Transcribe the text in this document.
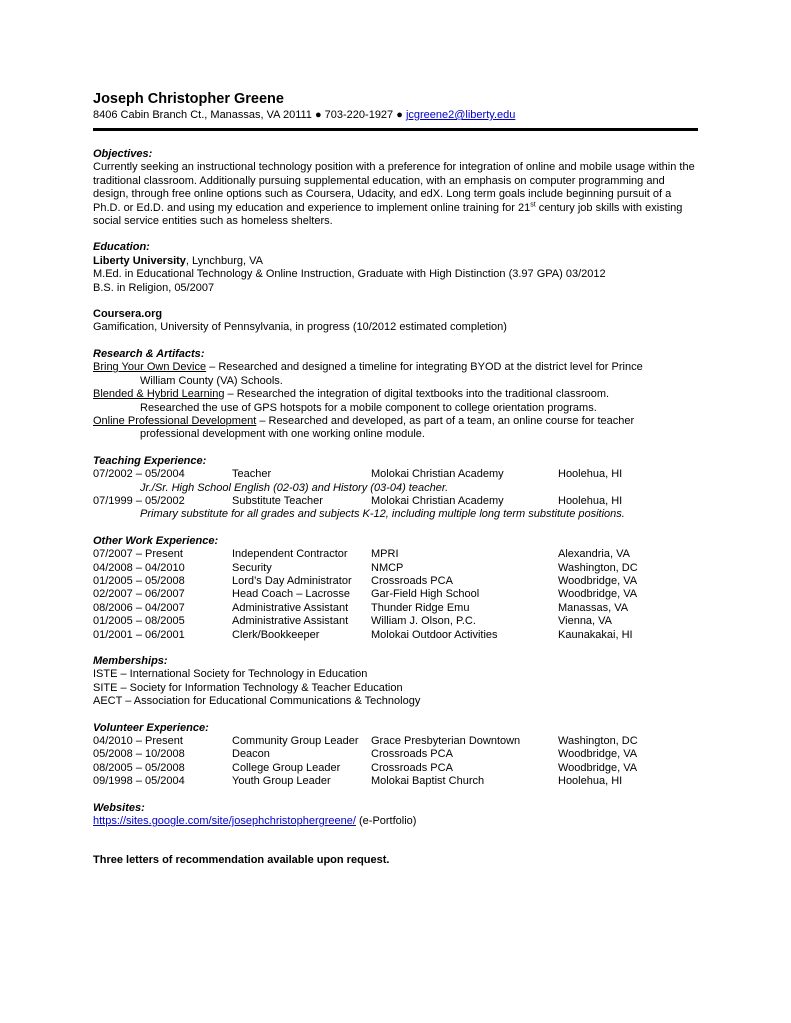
Joseph Christopher Greene
8406 Cabin Branch Ct., Manassas, VA 20111 ● 703-220-1927 ● jcgreene2@liberty.edu
Objectives:

Currently seeking an instructional technology position with a preference for integration of online and mobile usage within the traditional classroom. Additionally pursuing supplemental education, with an emphasis on computer programming and design, through free online options such as Coursera, Udacity, and edX. Long term goals include beginning pursuit of a Ph.D. or Ed.D. and using my education and experience to implement online training for 21st century job skills with existing social service entities such as homeless shelters.

Education:
Liberty University, Lynchburg, VA
M.Ed. in Educational Technology & Online Instruction, Graduate with High Distinction (3.97 GPA) 03/2012
B.S. in Religion, 05/2007
Coursera.org
Gamification, University of Pennsylvania, in progress (10/2012 estimated completion)
Research & Artifacts:
Bring Your Own Device – Researched and designed a timeline for integrating BYOD at the district level for Prince
William County (VA) Schools.
Blended & Hybrid Learning – Researched the integration of digital textbooks into the traditional classroom.
Researched the use of GPS hotspots for a mobile component to college orientation programs.
Online Professional Development – Researched and developed, as part of a team, an online course for teacher
professional development with one working online module.
Teaching Experience:
07/2002 – 05/2004	Teacher	Molokai Christian Academy	Hoolehua, HI
Jr./Sr. High School English (02-03) and History (03-04) teacher.
07/1999 – 05/2002	Substitute Teacher	Molokai Christian Academy	Hoolehua, HI
Primary substitute for all grades and subjects K-12, including multiple long term substitute positions.
Other Work Experience:
07/2007 – Present	Independent Contractor	MPRI	Alexandria, VA
04/2008 – 04/2010	Security	NMCP	Washington, DC
01/2005 – 05/2008	Lord’s Day Administrator	Crossroads PCA	Woodbridge, VA
02/2007 – 06/2007	Head Coach – Lacrosse	Gar-Field High School	Woodbridge, VA
08/2006 – 04/2007	Administrative Assistant	Thunder Ridge Emu	Manassas, VA
01/2005 – 08/2005	Administrative Assistant	William J. Olson, P.C.	Vienna, VA
01/2001 – 06/2001	Clerk/Bookkeeper	Molokai Outdoor Activities	Kaunakakai, HI
Memberships:
ISTE – International Society for Technology in Education
SITE – Society for Information Technology & Teacher Education
AECT – Association for Educational Communications & Technology
Volunteer Experience:
04/2010 – Present	Community Group Leader	Grace Presbyterian Downtown	Washington, DC
05/2008 – 10/2008	Deacon	Crossroads PCA	Woodbridge, VA
08/2005 – 05/2008	College Group Leader	Crossroads PCA	Woodbridge, VA
09/1998 – 05/2004	Youth Group Leader	Molokai Baptist Church	Hoolehua, HI
Websites:
https://sites.google.com/site/josephchristophergreene/ (e-Portfolio)
Three letters of recommendation available upon request.
